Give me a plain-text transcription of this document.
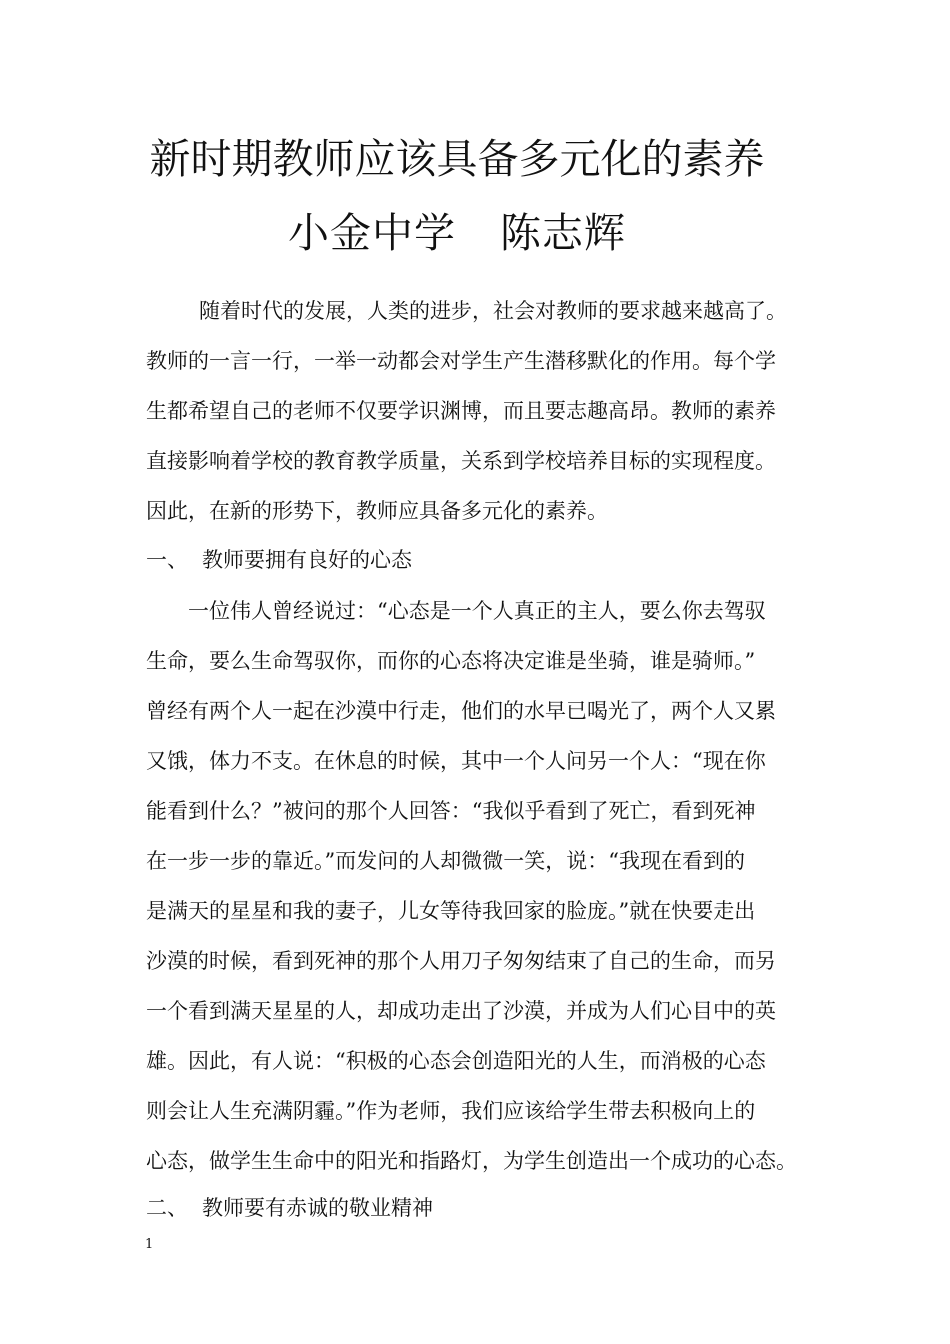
新时期教师应该具备多元化的素养
小金中学 陈志辉
随着时代的发展，人类的进步，社会对教师的要求越来越高了。
教师的一言一行，一举一动都会对学生产生潜移默化的作用。每个学
生都希望自己的老师不仅要学识渊博，而且要志趣高昂。教师的素养
直接影响着学校的教育教学质量，关系到学校培养目标的实现程度。
因此，在新的形势下，教师应具备多元化的素养。
一、 教师要拥有良好的心态
一位伟人曾经说过：“心态是一个人真正的主人，要么你去驾驭
生命，要么生命驾驭你，而你的心态将决定谁是坐骑，谁是骑师。”
曾经有两个人一起在沙漠中行走，他们的水早已喝光了，两个人又累
又饿，体力不支。在休息的时候，其中一个人问另一个人：“现在你
能看到什么？”被问的那个人回答：“我似乎看到了死亡，看到死神
在一步一步的靠近。”而发问的人却微微一笑，说：“我现在看到的
是满天的星星和我的妻子，儿女等待我回家的脸庞。”就在快要走出
沙漠的时候，看到死神的那个人用刀子匆匆结束了自己的生命，而另
一个看到满天星星的人，却成功走出了沙漠，并成为人们心目中的英
雄。因此，有人说：“积极的心态会创造阳光的人生，而消极的心态
则会让人生充满阴霾。”作为老师，我们应该给学生带去积极向上的
心态，做学生生命中的阳光和指路灯，为学生创造出一个成功的心态。
二、 教师要有赤诚的敬业精神
1
